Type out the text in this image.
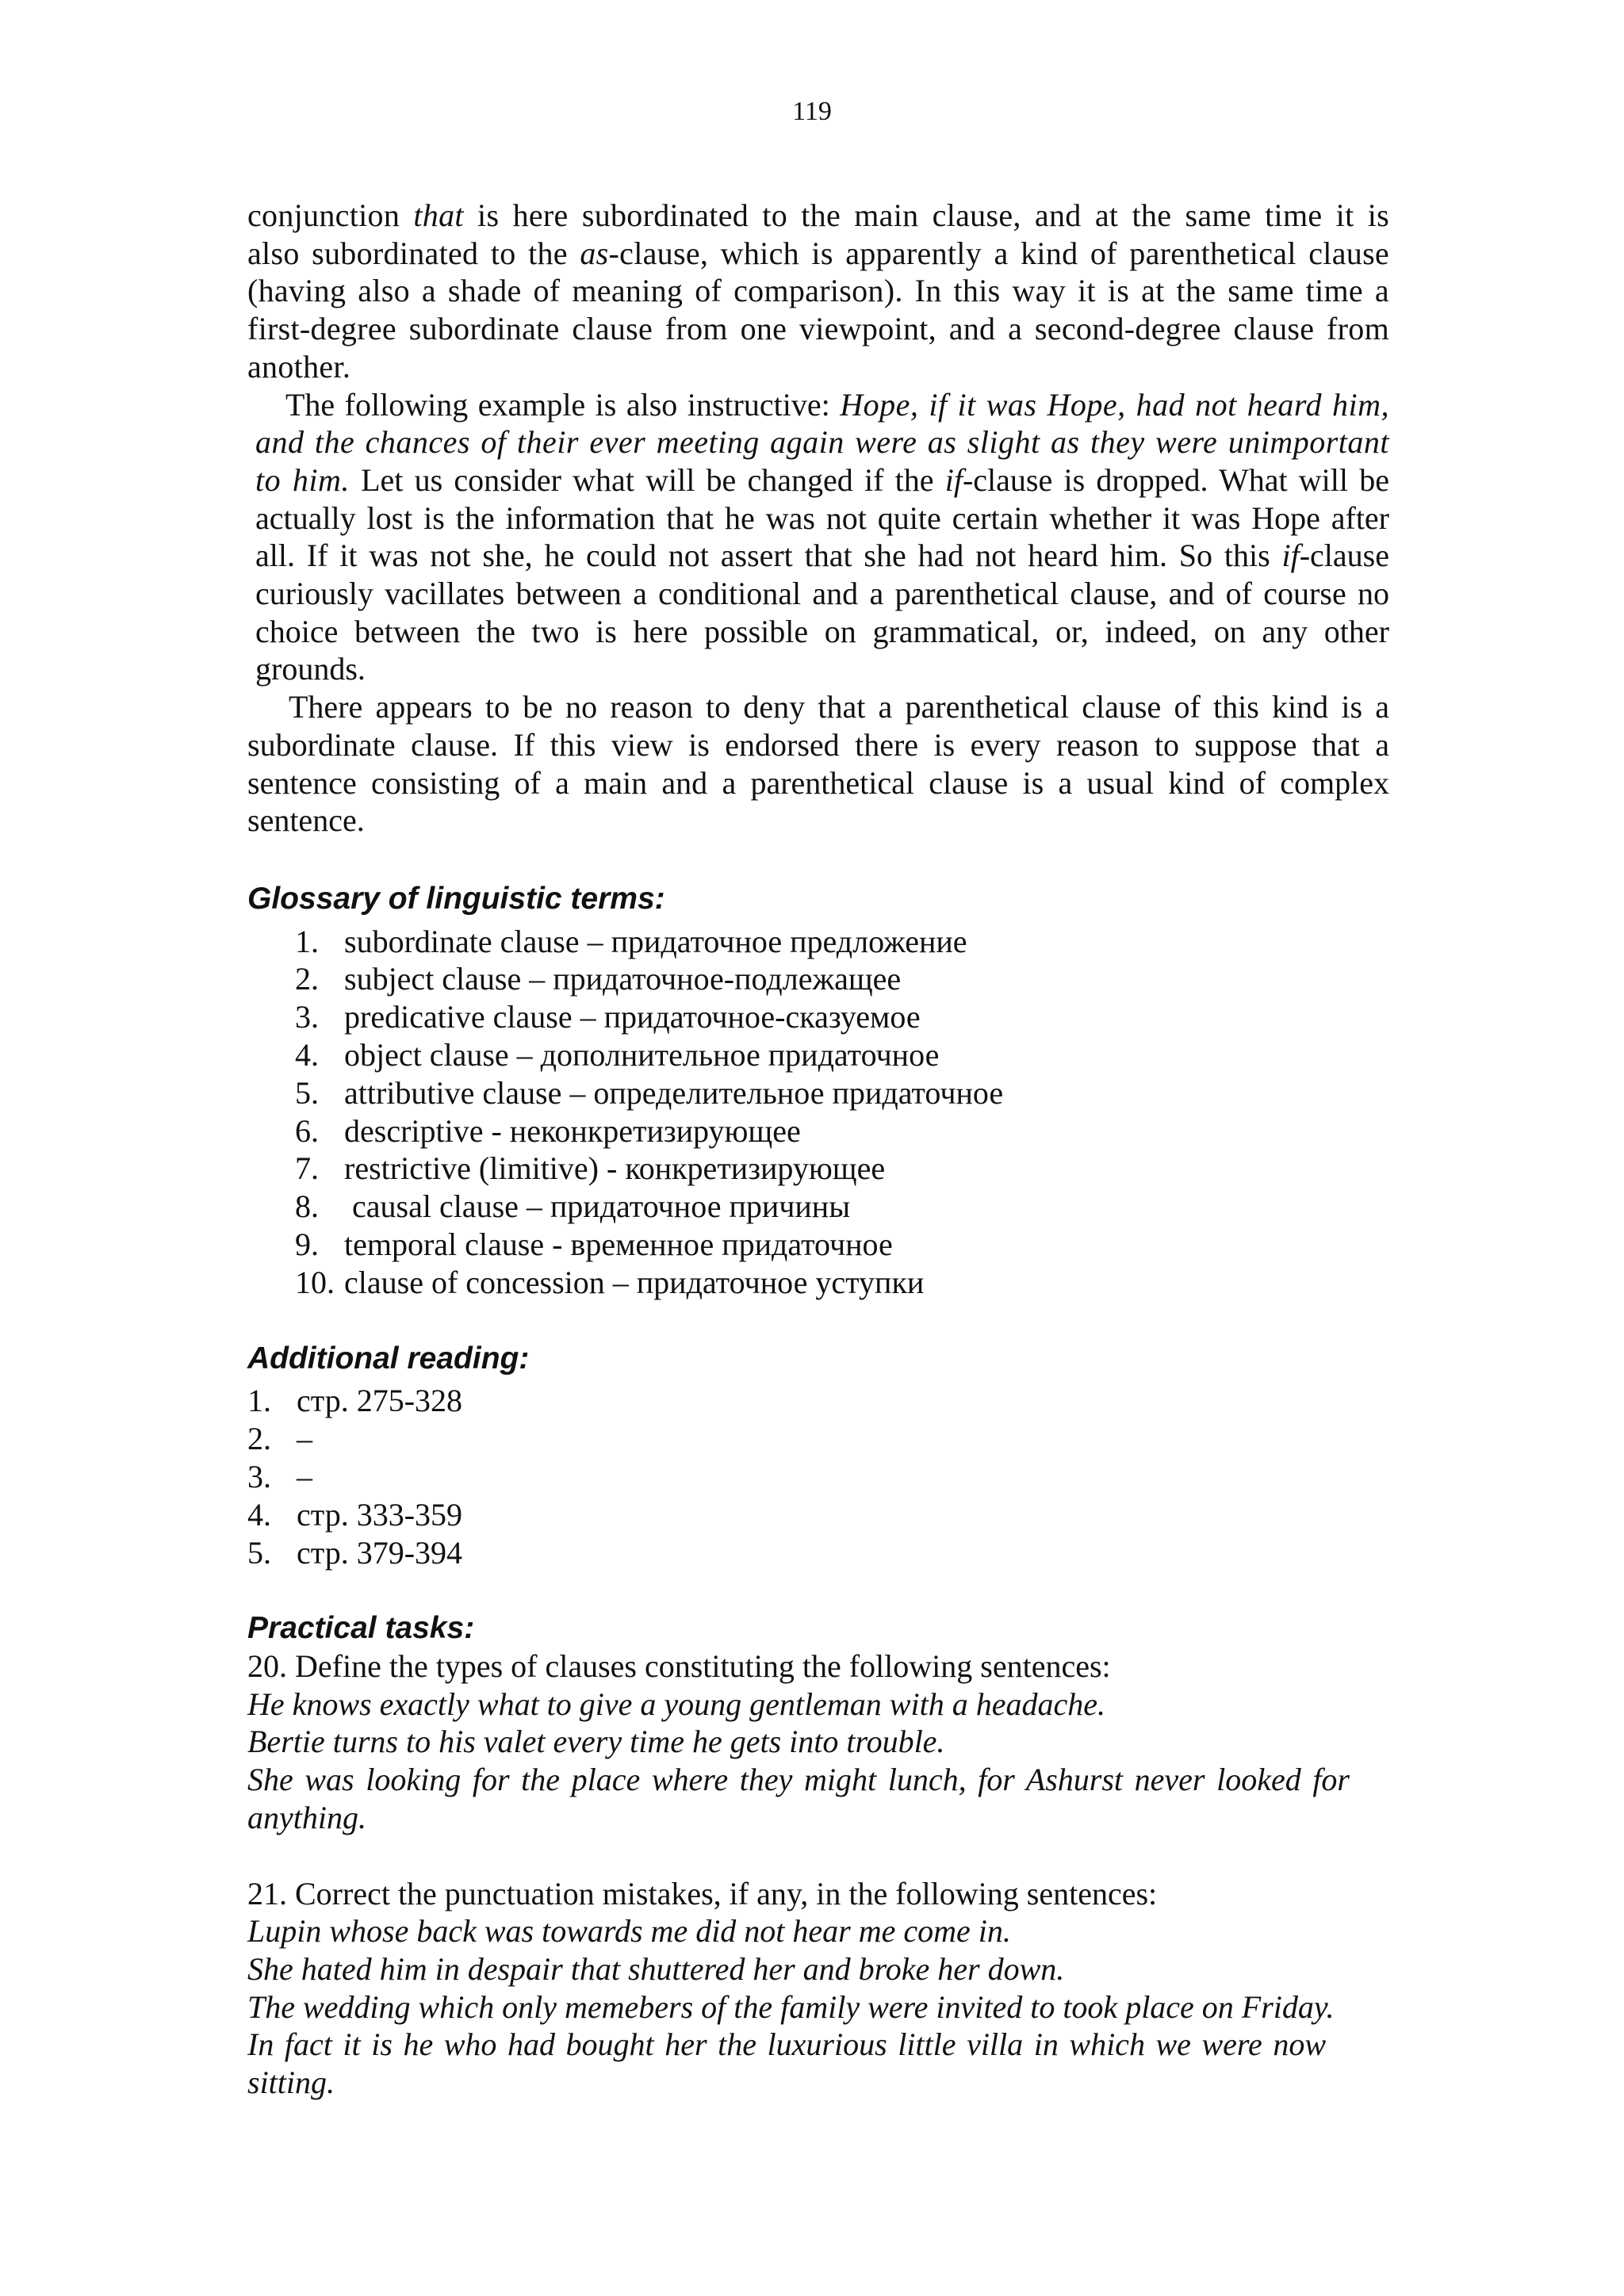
119

conjunction that is here subordinated to the main clause, and at the same time it is also subordinated to the as-clause, which is apparently a kind of parenthetical clause (having also a shade of meaning of comparison). In this way it is at the same time a first-degree subordinate clause from one viewpoint, and a second-degree clause from another.

The following example is also instructive: Hope, if it was Hope, had not heard him, and the chances of their ever meeting again were as slight as they were unimportant to him. Let us consider what will be changed if the if-clause is dropped. What will be actually lost is the information that he was not quite certain whether it was Hope after all. If it was not she, he could not assert that she had not heard him. So this if-clause curiously vacillates between a conditional and a parenthetical clause, and of course no choice between the two is here possible on grammatical, or, indeed, on any other grounds.

There appears to be no reason to deny that a parenthetical clause of this kind is a subordinate clause. If this view is endorsed there is every reason to suppose that a sentence consisting of a main and a parenthetical clause is a usual kind of complex sentence.

Glossary of linguistic terms:
1. subordinate clause – придаточное предложение
2. subject clause – придаточное-подлежащее
3. predicative clause – придаточное-сказуемое
4. object clause – дополнительное придаточное
5. attributive clause – определительное придаточное
6. descriptive - неконкретизирующее
7. restrictive (limitive) - конкретизирующее
8. causal clause – придаточное причины
9. temporal clause - временное придаточное
10. clause of concession – придаточное уступки
Additional reading:
1. стр. 275-328
2. –
3. –
4. стр. 333-359
5. стр. 379-394
Practical tasks:

20. Define the types of clauses constituting the following sentences:

He knows exactly what to give a young gentleman with a headache.

Bertie turns to his valet every time he gets into trouble.

She was looking for the place where they might lunch, for Ashurst never looked for anything.

21. Correct the punctuation mistakes, if any, in the following sentences:

Lupin whose back was towards me did not hear me come in.

She hated him in despair that shuttered her and broke her down.

The wedding which only memebers of the family were invited to took place on Friday.

In fact it is he who had bought her the luxurious little villa in which we were now sitting.
